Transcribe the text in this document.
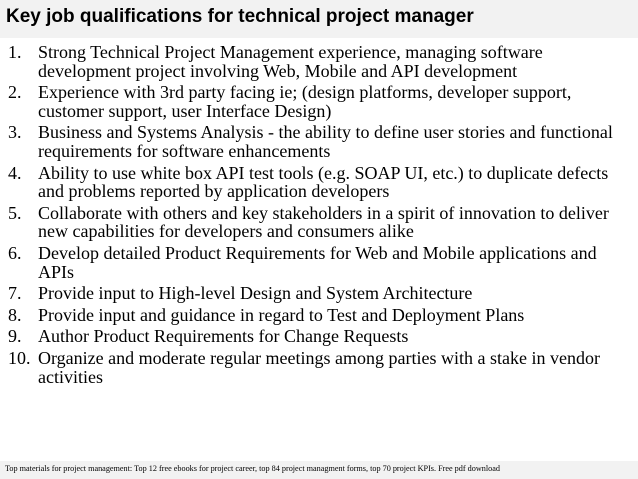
Key job qualifications for technical project manager
1. Strong Technical Project Management experience, managing software development project involving Web, Mobile and API development
2. Experience with 3rd party facing ie; (design platforms, developer support, customer support, user Interface Design)
3. Business and Systems Analysis - the ability to define user stories and functional requirements for software enhancements
4. Ability to use white box API test tools (e.g. SOAP UI, etc.) to duplicate defects and problems reported by application developers
5. Collaborate with others and key stakeholders in a spirit of innovation to deliver new capabilities for developers and consumers alike
6. Develop detailed Product Requirements for Web and Mobile applications and APIs
7. Provide input to High-level Design and System Architecture
8. Provide input and guidance in regard to Test and Deployment Plans
9. Author Product Requirements for Change Requests
10. Organize and moderate regular meetings among parties with a stake in vendor activities
Top materials for project management: Top 12 free ebooks for project career, top 84 project managment forms, top 70 project KPIs. Free pdf download
